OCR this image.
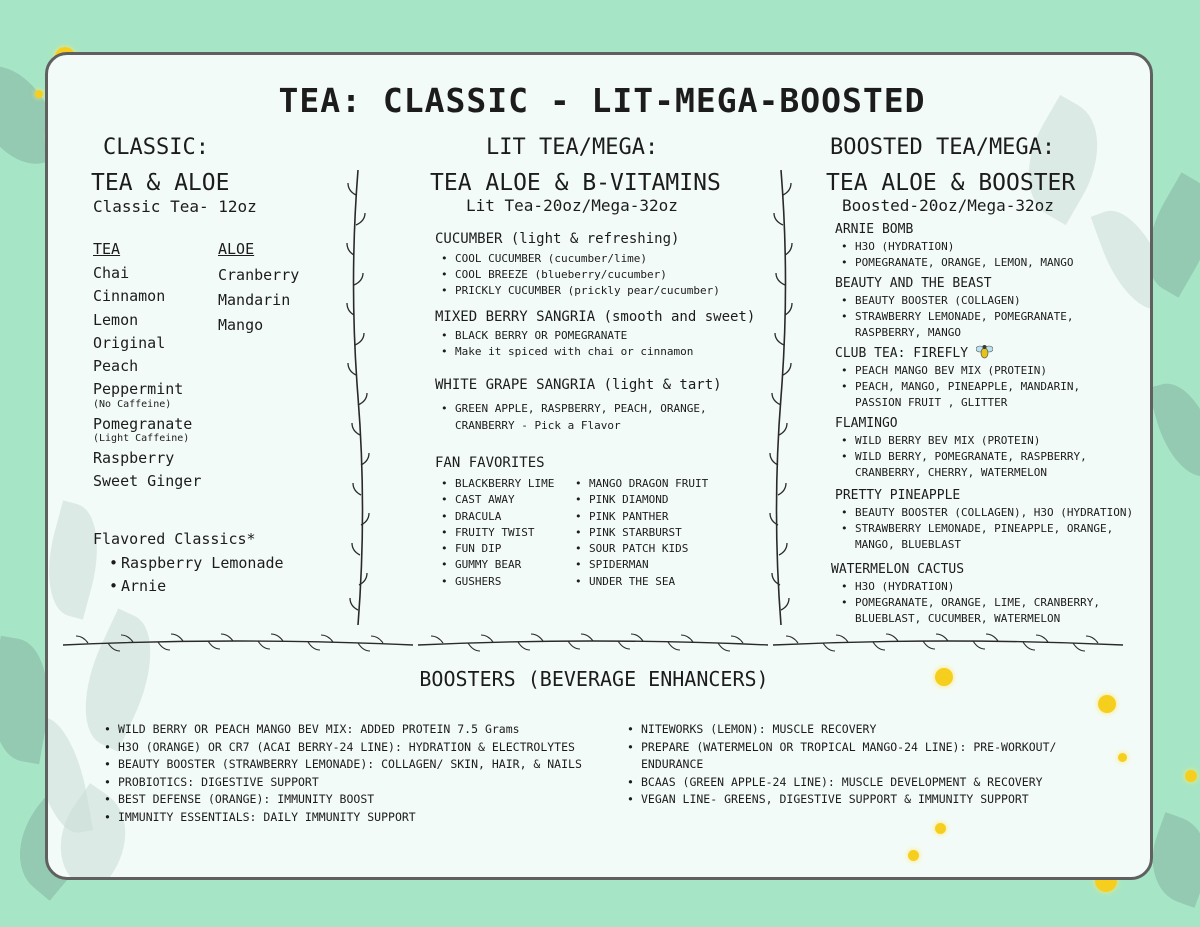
TEA: CLASSIC - LIT-MEGA-BOOSTED
CLASSIC:
TEA & ALOE
Classic Tea- 12oz
TEA	ALOE
Chai
Cinnamon
Lemon
Original
Peach
Peppermint
(No Caffeine)
Pomegranate
(Light Caffeine)
Raspberry
Sweet Ginger
Cranberry
Mandarin
Mango
Flavored Classics*
• Raspberry Lemonade
• Arnie
LIT TEA/MEGA:
TEA ALOE & B-VITAMINS
Lit Tea-20oz/Mega-32oz
CUCUMBER (light & refreshing)
• COOL CUCUMBER (cucumber/lime)
• COOL BREEZE (blueberry/cucumber)
• PRICKLY CUCUMBER (prickly pear/cucumber)
MIXED BERRY SANGRIA (smooth and sweet)
• BLACK BERRY OR POMEGRANATE
• Make it spiced with chai or cinnamon
WHITE GRAPE SANGRIA (light & tart)
• GREEN APPLE, RASPBERRY, PEACH, ORANGE,
CRANBERRY - Pick a Flavor
FAN FAVORITES
• BLACKBERRY LIME
• CAST AWAY
• DRACULA
• FRUITY TWIST
• FUN DIP
• GUMMY BEAR
• GUSHERS
• MANGO DRAGON FRUIT
• PINK DIAMOND
• PINK PANTHER
• PINK STARBURST
• SOUR PATCH KIDS
• SPIDERMAN
• UNDER THE SEA
BOOSTED TEA/MEGA:
TEA ALOE & BOOSTER
Boosted-20oz/Mega-32oz
ARNIE BOMB
• H3O (HYDRATION)
• POMEGRANATE, ORANGE, LEMON, MANGO
BEAUTY AND THE BEAST
• BEAUTY BOOSTER (COLLAGEN)
• STRAWBERRY LEMONADE, POMEGRANATE,
RASPBERRY, MANGO
CLUB TEA: FIREFLY
• PEACH MANGO BEV MIX (PROTEIN)
• PEACH, MANGO, PINEAPPLE, MANDARIN,
PASSION FRUIT , GLITTER
FLAMINGO
• WILD BERRY BEV MIX (PROTEIN)
• WILD BERRY, POMEGRANATE, RASPBERRY,
CRANBERRY, CHERRY, WATERMELON
PRETTY PINEAPPLE
• BEAUTY BOOSTER (COLLAGEN), H3O (HYDRATION)
• STRAWBERRY LEMONADE, PINEAPPLE, ORANGE,
MANGO, BLUEBLAST
WATERMELON CACTUS
• H3O (HYDRATION)
• POMEGRANATE, ORANGE, LIME, CRANBERRY,
BLUEBLAST, CUCUMBER, WATERMELON
BOOSTERS (BEVERAGE ENHANCERS)
• WILD BERRY OR PEACH MANGO BEV MIX: ADDED PROTEIN 7.5 Grams
• H3O (ORANGE) OR CR7 (ACAI BERRY-24 LINE): HYDRATION & ELECTROLYTES
• BEAUTY BOOSTER (STRAWBERRY LEMONADE): COLLAGEN/ SKIN, HAIR, & NAILS
• PROBIOTICS: DIGESTIVE SUPPORT
• BEST DEFENSE (ORANGE): IMMUNITY BOOST
• IMMUNITY ESSENTIALS: DAILY IMMUNITY SUPPORT
• NITEWORKS (LEMON): MUSCLE RECOVERY
• PREPARE (WATERMELON OR TROPICAL MANGO-24 LINE): PRE-WORKOUT/
ENDURANCE
• BCAAS (GREEN APPLE-24 LINE): MUSCLE DEVELOPMENT & RECOVERY
• VEGAN LINE- GREENS, DIGESTIVE SUPPORT & IMMUNITY SUPPORT
